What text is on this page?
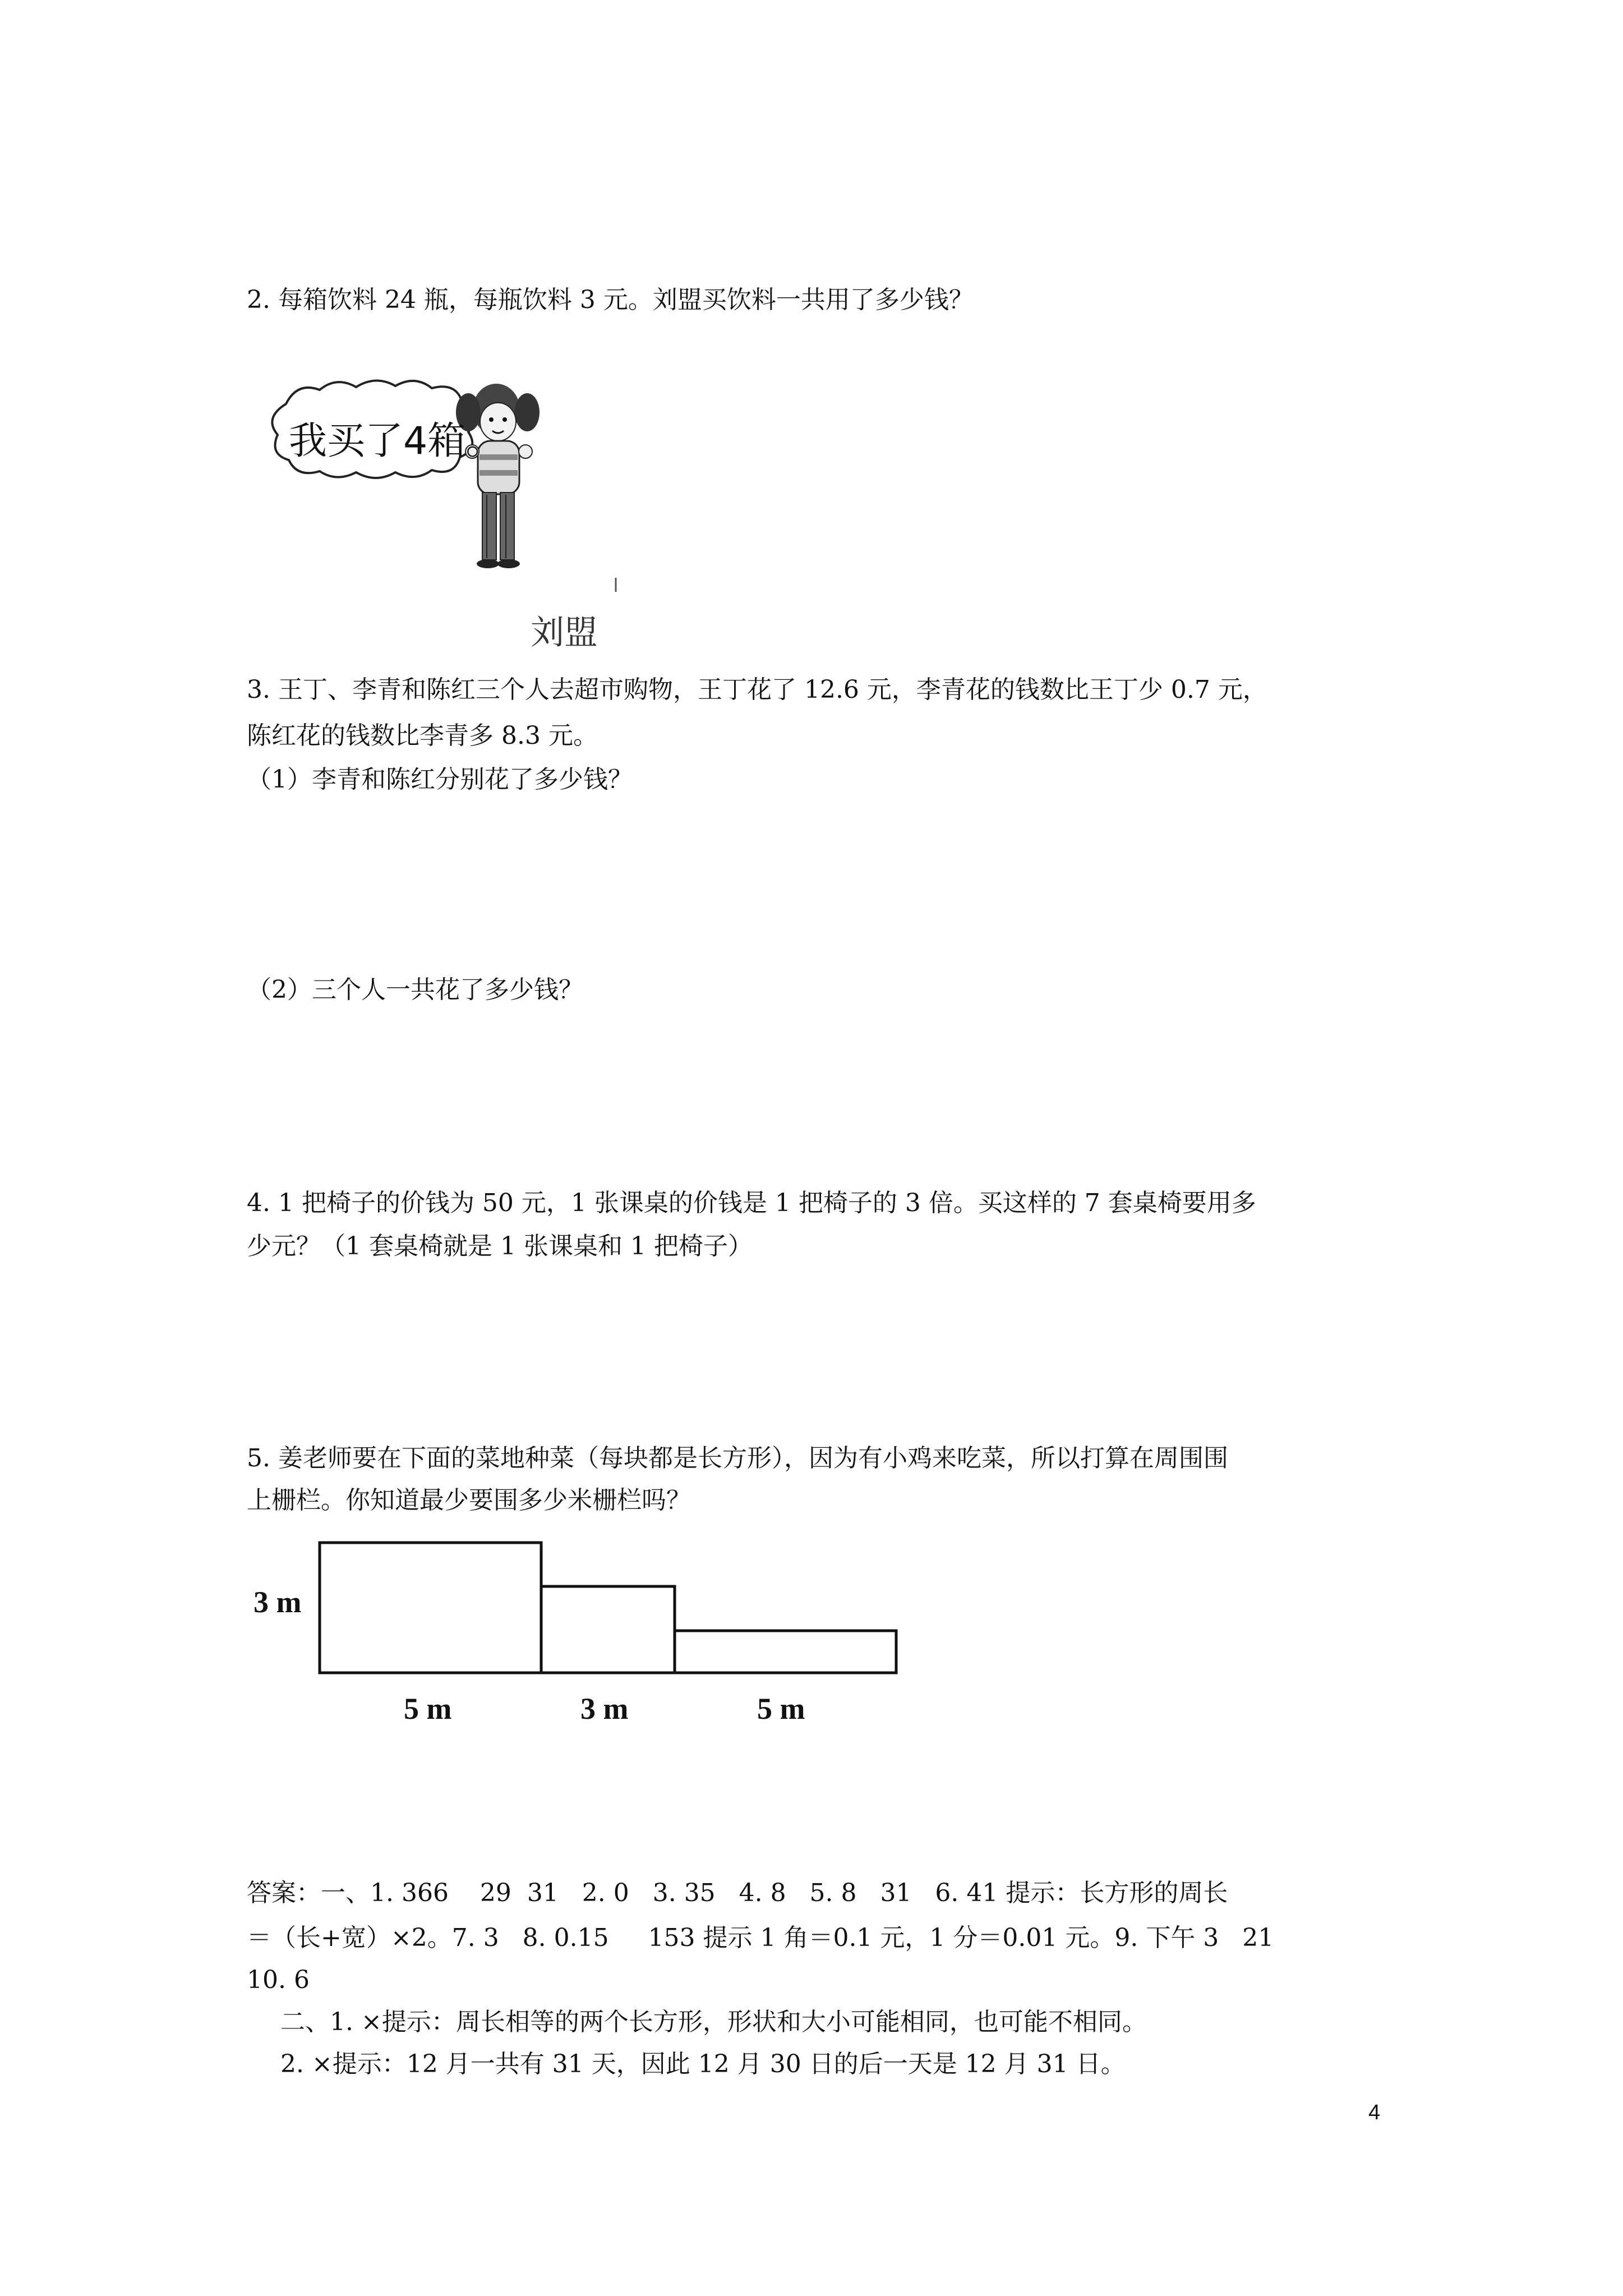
2. 每箱饮料 24 瓶，每瓶饮料 3 元。刘盟买饮料一共用了多少钱？
我买了4箱。
刘盟
3. 王丁、李青和陈红三个人去超市购物，王丁花了 12.6 元，李青花的钱数比王丁少 0.7 元，
陈红花的钱数比李青多 8.3 元。
（1）李青和陈红分别花了多少钱？
（2）三个人一共花了多少钱？
4. 1 把椅子的价钱为 50 元，1 张课桌的价钱是 1 把椅子的 3 倍。买这样的 7 套桌椅要用多
少元？（1 套桌椅就是 1 张课桌和 1 把椅子）
5. 姜老师要在下面的菜地种菜（每块都是长方形），因为有小鸡来吃菜，所以打算在周围围
上栅栏。你知道最少要围多少米栅栏吗？
3 m
5 m	3 m	5 m
答案：一、1. 366    29  31   2. 0   3. 35   4. 8   5. 8   31   6. 41 提示：长方形的周长
＝（长+宽）×2。7. 3   8. 0.15     153 提示 1 角＝0.1 元，1 分＝0.01 元。9. 下午 3   21
10. 6
二、1. ×提示：周长相等的两个长方形，形状和大小可能相同，也可能不相同。
2. ×提示：12 月一共有 31 天，因此 12 月 30 日的后一天是 12 月 31 日。
4
